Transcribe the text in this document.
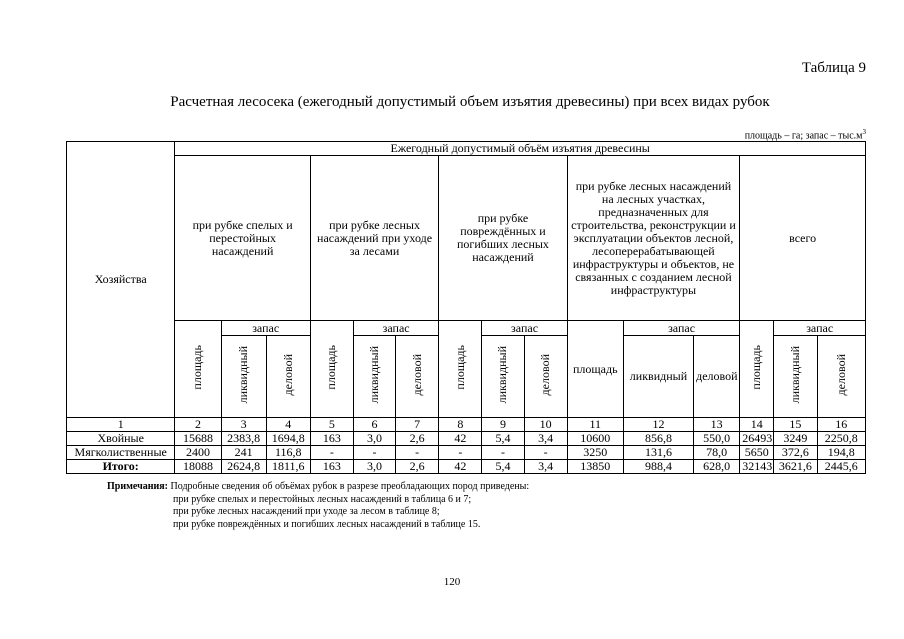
Таблица 9
Расчетная лесосека (ежегодный допустимый объем изъятия древесины) при всех видах рубок
площадь – га; запас – $тыс.м^3$
Хозяйства	Ежегодный допустимый объём изъятия древесины														
	при рубке спелых и перестойных насаждений			при рубке лесных насаждений при уходе за лесами			при рубке повреждённых и погибших лесных насаждений			при рубке лесных насаждений на лесных участках, предназначенных для строительства, реконструкции и эксплуатации объектов лесной, лесоперерабатывающей инфраструктуры и объектов, не связанных с созданием лесной инфраструктуры			всего		
	площадь	запас		площадь	запас		площадь	запас		площадь	запас		площадь	запас	
		ликвидный	деловой		ликвидный	деловой		ликвидный	деловой		ликвидный	деловой		ликвидный	деловой
1	2	3	4	5	6	7	8	9	10	11	12	13	14	15	16
Хвойные	15688	2383,8	1694,8	163	3,0	2,6	42	5,4	3,4	10600	856,8	550,0	26493	3249	2250,8
Мягколиственные	2400	241	116,8	-	-	-	-	-	-	3250	131,6	78,0	5650	372,6	194,8
Итого:	18088	2624,8	1811,6	163	3,0	2,6	42	5,4	3,4	13850	988,4	628,0	32143	3621,6	2445,6
Примечания: Подробные сведения об объёмах рубок в разрезе преобладающих пород приведены:
при рубке спелых и перестойных лесных насаждений в таблица 6 и 7;
при рубке лесных насаждений при уходе за лесом в таблице 8;
при рубке повреждённых и погибших лесных насаждений в таблице 15.
120
